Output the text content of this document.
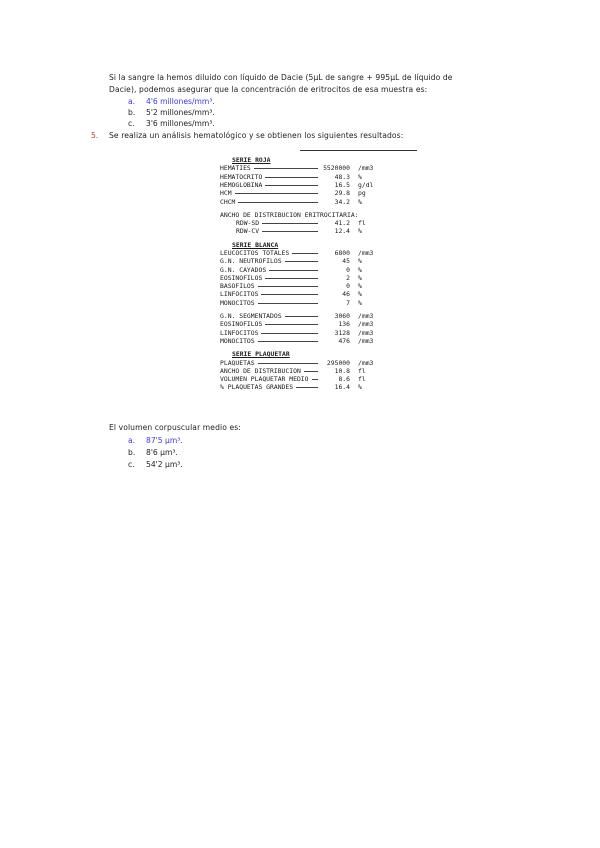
Si la sangre la hemos diluido con líquido de Dacie (5µL de sangre + 995µL de líquido de
Dacie), podemos asegurar que la concentración de eritrocitos de esa muestra es:
a. 4'6 millones/mm³.
b. 5'2 millones/mm³.
c. 3'6 millones/mm³.
5. Se realiza un análisis hematológico y se obtienen los siguientes resultados:
SERIE ROJA
HEMATIES	5520000 /mm3
HEMATOCRITO	48.3 %
HEMOGLOBINA	16.5 g/dl
HCM	29.8 pg
CHCM	34.2 %
ANCHO DE DISTRIBUCION ERITROCITARIA:
RDW-SD	41.2 fl
RDW-CV	12.4 %
SERIE BLANCA
LEUCOCITOS TOTALES	6800 /mm3
G.N. NEUTROFILOS	45 %
G.N. CAYADOS	0 %
EOSINOFILOS	2 %
BASOFILOS	0 %
LINFOCITOS	46 %
MONOCITOS	7 %
G.N. SEGMENTADOS	3060 /mm3
EOSINOFILOS	136 /mm3
LINFOCITOS	3128 /mm3
MONOCITOS	476 /mm3
SERIE PLAQUETAR
PLAQUETAS	295000 /mm3
ANCHO DE DISTRIBUCION	10.8 fl
VOLUMEN PLAQUETAR MEDIO	8.6 fl
% PLAQUETAS GRANDES	16.4 %
El volumen corpuscular medio es:
a. 87'5 µm³.
b. 8'6 µm³.
c. 54'2 µm³.
